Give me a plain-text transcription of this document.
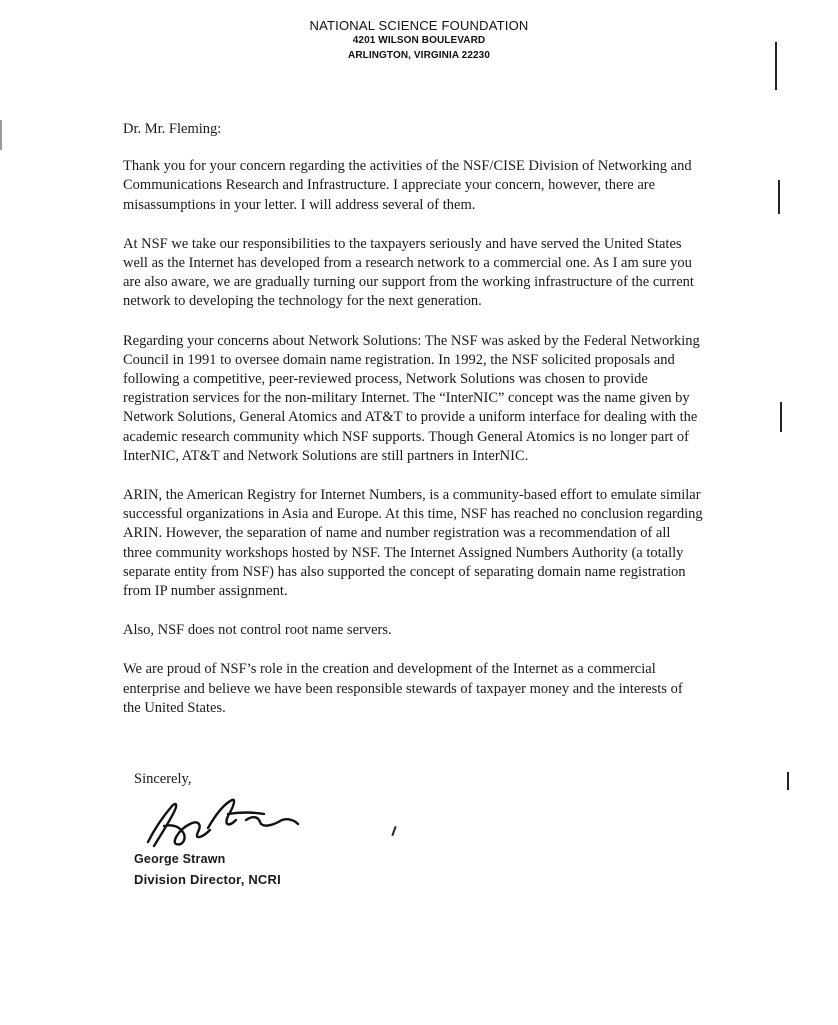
NATIONAL SCIENCE FOUNDATION
4201 WILSON BOULEVARD
ARLINGTON, VIRGINIA 22230

Dr. Mr. Fleming:

Thank you for your concern regarding the activities of the NSF/CISE Division of Networking and Communications Research and Infrastructure. I appreciate your concern, however, there are misassumptions in your letter. I will address several of them.

At NSF we take our responsibilities to the taxpayers seriously and have served the United States well as the Internet has developed from a research network to a commercial one. As I am sure you are also aware, we are gradually turning our support from the working infrastructure of the current network to developing the technology for the next generation.

Regarding your concerns about Network Solutions: The NSF was asked by the Federal Networking Council in 1991 to oversee domain name registration. In 1992, the NSF solicited proposals and following a competitive, peer-reviewed process, Network Solutions was chosen to provide registration services for the non-military Internet. The “InterNIC” concept was the name given by Network Solutions, General Atomics and AT&T to provide a uniform interface for dealing with the academic research community which NSF supports. Though General Atomics is no longer part of InterNIC, AT&T and Network Solutions are still partners in InterNIC.

ARIN, the American Registry for Internet Numbers, is a community-based effort to emulate similar successful organizations in Asia and Europe. At this time, NSF has reached no conclusion regarding ARIN. However, the separation of name and number registration was a recommendation of all three community workshops hosted by NSF. The Internet Assigned Numbers Authority (a totally separate entity from NSF) has also supported the concept of separating domain name registration from IP number assignment.

Also, NSF does not control root name servers.

We are proud of NSF’s role in the creation and development of the Internet as a commercial enterprise and believe we have been responsible stewards of taxpayer money and the interests of the United States.

Sincerely,

George Strawn
Division Director, NCRI
